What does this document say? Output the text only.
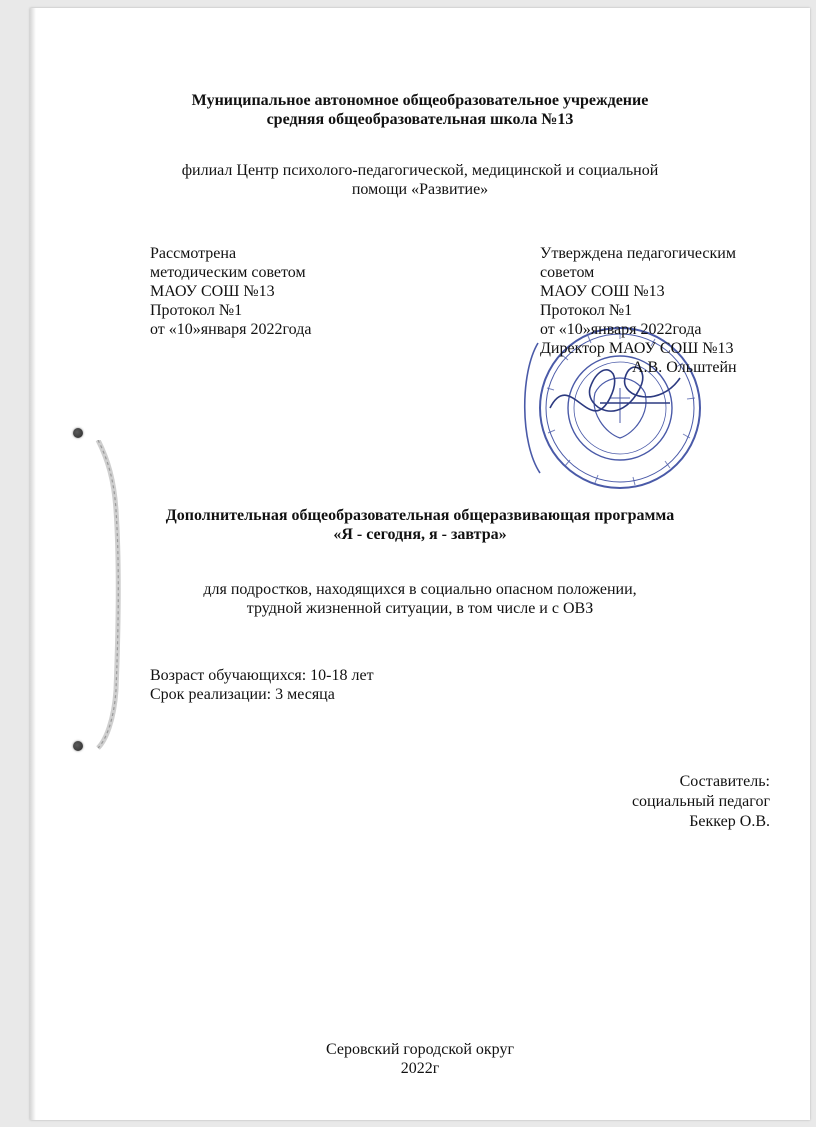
Муниципальное автономное общеобразовательное учреждение
средняя общеобразовательная школа №13
филиал Центр психолого-педагогической, медицинской и социальной
помощи «Развитие»
Рассмотрена
методическим советом
МАОУ СОШ №13
Протокол №1
от «10»января 2022года
Утверждена педагогическим
советом
МАОУ СОШ №13
Протокол №1
от «10»января 2022года
Директор МАОУ СОШ №13
А.В. Ольштейн
Дополнительная общеобразовательная общеразвивающая программа
«Я - сегодня, я - завтра»
для подростков, находящихся в социально опасном положении,
трудной жизненной ситуации, в том числе и с ОВЗ
Возраст обучающихся: 10-18 лет
Срок реализации: 3 месяца
Составитель:
социальный педагог
Беккер О.В.
Серовский городской округ
2022г
